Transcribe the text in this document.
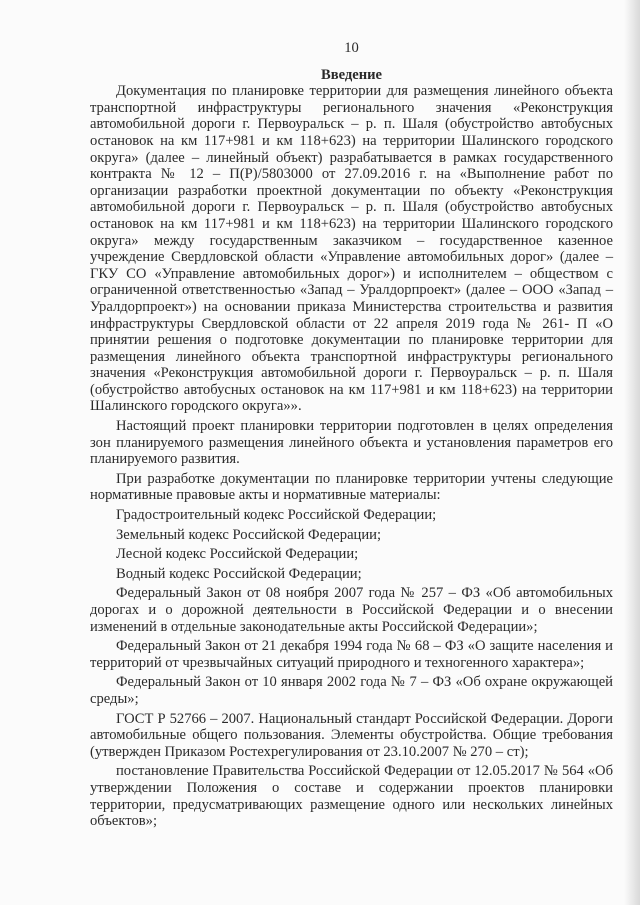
10
Введение

Документация по планировке территории для размещения линейного объекта транспортной инфраструктуры регионального значения «Реконструкция автомобильной дороги г. Первоуральск – р. п. Шаля (обустройство автобусных остановок на км 117+981 и км 118+623) на территории Шалинского городского округа» (далее – линейный объект) разрабатывается в рамках государственного контракта № 12 – П(Р)/5803000 от 27.09.2016 г. на «Выполнение работ по организации разработки проектной документации по объекту «Реконструкция автомобильной дороги г. Первоуральск – р. п. Шаля (обустройство автобусных остановок на км 117+981 и км 118+623) на территории Шалинского городского округа» между государственным заказчиком – государственное казенное учреждение Свердловской области «Управление автомобильных дорог» (далее – ГКУ СО «Управление автомобильных дорог») и исполнителем – обществом с ограниченной ответственностью «Запад – Уралдорпроект» (далее – ООО «Запад – Уралдорпроект») на основании приказа Министерства строительства и развития инфраструктуры Свердловской области от 22 апреля 2019 года № 261- П «О принятии решения о подготовке документации по планировке территории для размещения линейного объекта транспортной инфраструктуры регионального значения «Реконструкция автомобильной дороги г. Первоуральск – р. п. Шаля (обустройство автобусных остановок на км 117+981 и км 118+623) на территории Шалинского городского округа»».

Настоящий проект планировки территории подготовлен в целях определения зон планируемого размещения линейного объекта и установления параметров его планируемого развития.

При разработке документации по планировке территории учтены следующие нормативные правовые акты и нормативные материалы:

Градостроительный кодекс Российской Федерации;

Земельный кодекс Российской Федерации;

Лесной кодекс Российской Федерации;

Водный кодекс Российской Федерации;

Федеральный Закон от 08 ноября 2007 года № 257 – ФЗ «Об автомобильных дорогах и о дорожной деятельности в Российской Федерации и о внесении изменений в отдельные законодательные акты Российской Федерации»;

Федеральный Закон от 21 декабря 1994 года № 68 – ФЗ «О защите населения и территорий от чрезвычайных ситуаций природного и техногенного характера»;

Федеральный Закон от 10 января 2002 года № 7 – ФЗ «Об охране окружающей среды»;

ГОСТ Р 52766 – 2007. Национальный стандарт Российской Федерации. Дороги автомобильные общего пользования. Элементы обустройства. Общие требования (утвержден Приказом Ростехрегулирования от 23.10.2007 № 270 – ст);

постановление Правительства Российской Федерации от 12.05.2017 № 564 «Об утверждении Положения о составе и содержании проектов планировки территории, предусматривающих размещение одного или нескольких линейных объектов»;
